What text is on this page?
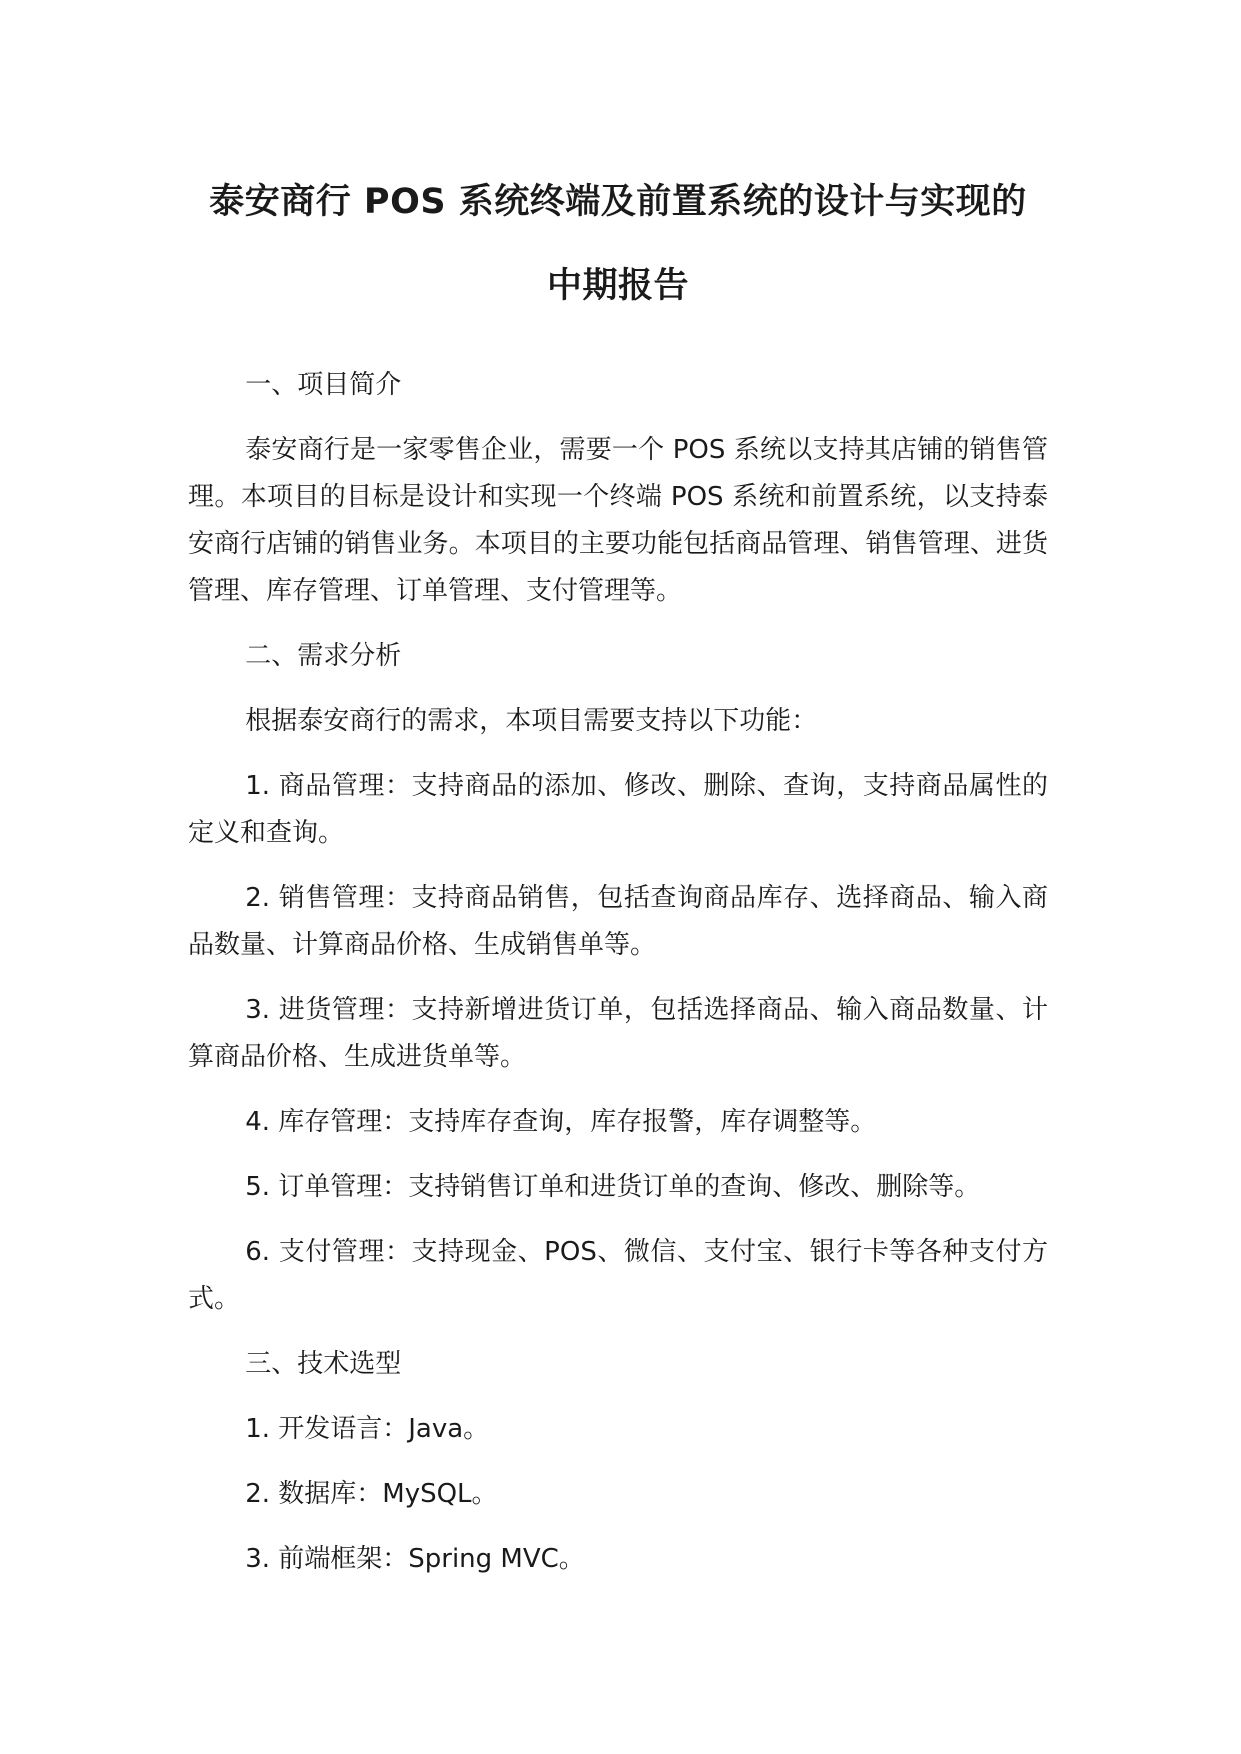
泰安商行 POS 系统终端及前置系统的设计与实现的
中期报告

一、项目简介

泰安商行是一家零售企业，需要一个 POS 系统以支持其店铺的销售管理。本项目的目标是设计和实现一个终端 POS 系统和前置系统，以支持泰安商行店铺的销售业务。本项目的主要功能包括商品管理、销售管理、进货管理、库存管理、订单管理、支付管理等。

二、需求分析

根据泰安商行的需求，本项目需要支持以下功能：

1. 商品管理：支持商品的添加、修改、删除、查询，支持商品属性的定义和查询。

2. 销售管理：支持商品销售，包括查询商品库存、选择商品、输入商品数量、计算商品价格、生成销售单等。

3. 进货管理：支持新增进货订单，包括选择商品、输入商品数量、计算商品价格、生成进货单等。

4. 库存管理：支持库存查询，库存报警，库存调整等。

5. 订单管理：支持销售订单和进货订单的查询、修改、删除等。

6. 支付管理：支持现金、POS、微信、支付宝、银行卡等各种支付方式。

三、技术选型

1. 开发语言：Java。

2. 数据库：MySQL。

3. 前端框架：Spring MVC。
